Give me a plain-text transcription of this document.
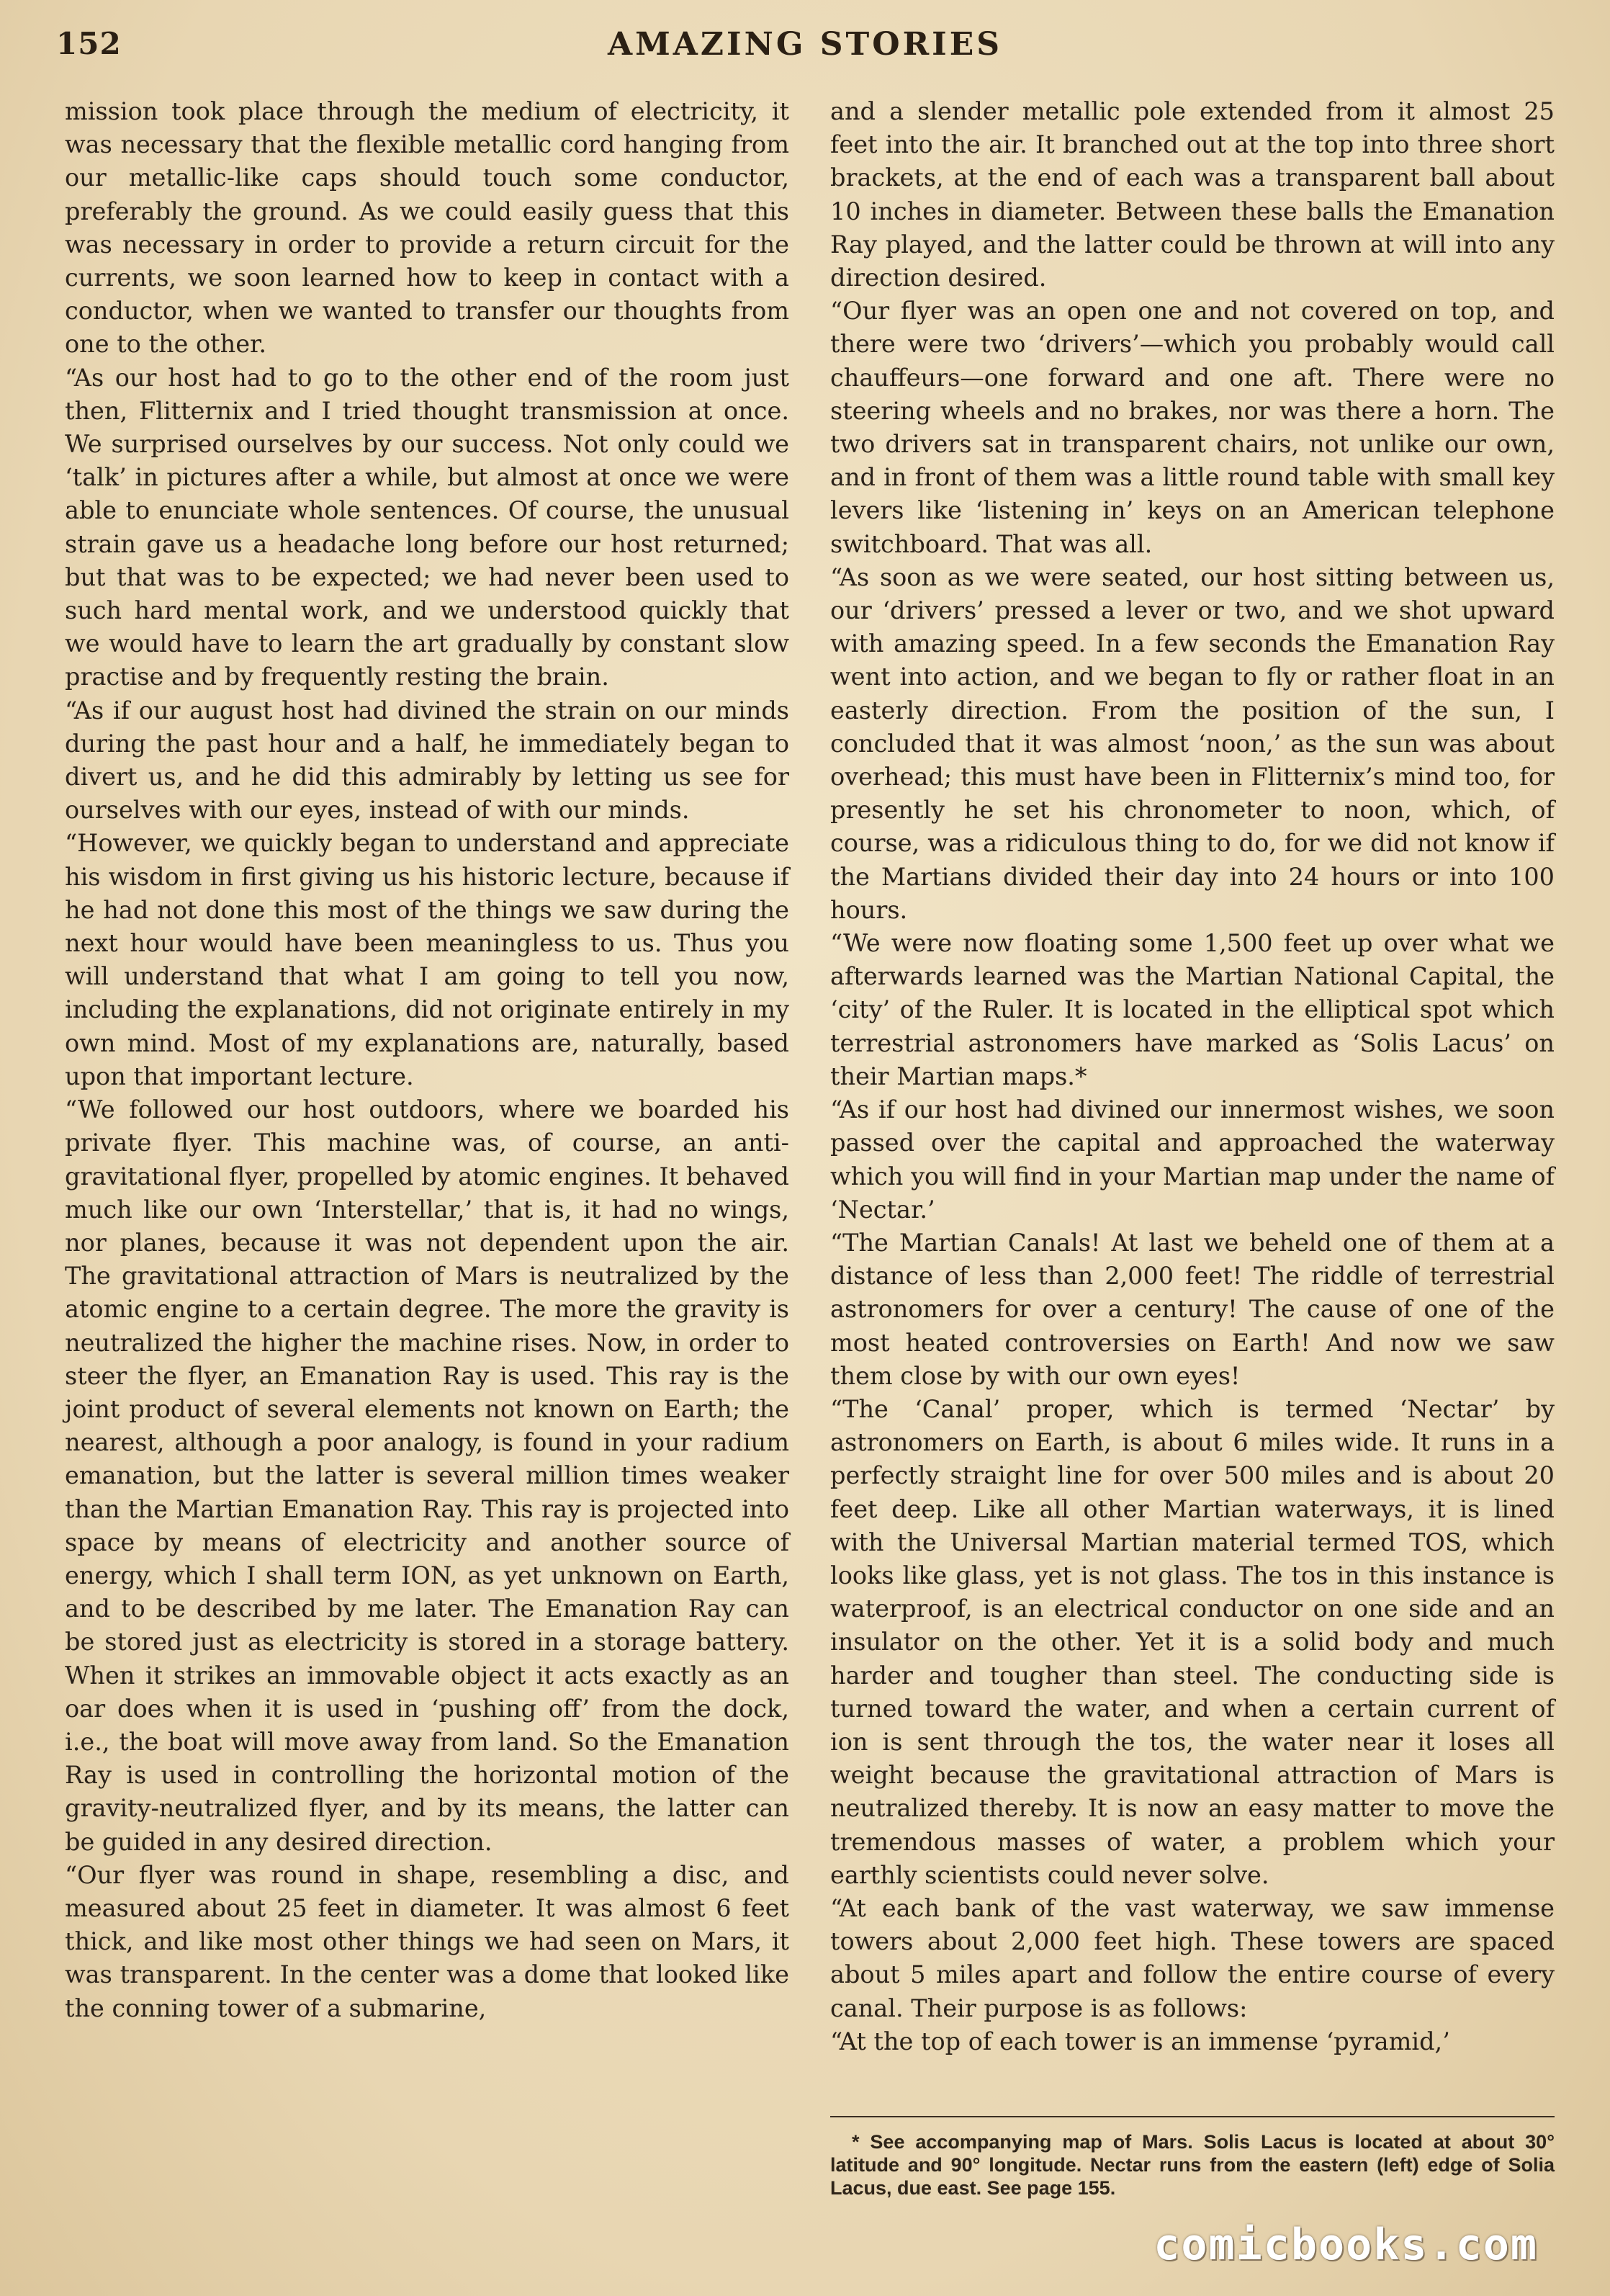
152	AMAZING STORIES

mission took place through the medium of electricity, it was necessary that the flexible metallic cord hanging from our metallic-like caps should touch some conductor, preferably the ground. As we could easily guess that this was necessary in order to provide a return circuit for the currents, we soon learned how to keep in contact with a conductor, when we wanted to transfer our thoughts from one to the other.

“As our host had to go to the other end of the room just then, Flitternix and I tried thought transmission at once. We surprised ourselves by our success. Not only could we ‘talk’ in pictures after a while, but almost at once we were able to enunciate whole sentences. Of course, the unusual strain gave us a headache long before our host returned; but that was to be expected; we had never been used to such hard mental work, and we understood quickly that we would have to learn the art gradually by constant slow practise and by frequently resting the brain.

“As if our august host had divined the strain on our minds during the past hour and a half, he immediately began to divert us, and he did this admirably by letting us see for ourselves with our eyes, instead of with our minds.

“However, we quickly began to understand and appreciate his wisdom in first giving us his historic lecture, because if he had not done this most of the things we saw during the next hour would have been meaningless to us. Thus you will understand that what I am going to tell you now, including the explanations, did not originate entirely in my own mind. Most of my explanations are, naturally, based upon that important lecture.

“We followed our host outdoors, where we boarded his private flyer. This machine was, of course, an anti-gravitational flyer, propelled by atomic engines. It behaved much like our own ‘Interstellar,’ that is, it had no wings, nor planes, because it was not dependent upon the air. The gravitational attraction of Mars is neutralized by the atomic engine to a certain degree. The more the gravity is neutralized the higher the machine rises. Now, in order to steer the flyer, an Emanation Ray is used. This ray is the joint product of several elements not known on Earth; the nearest, although a poor analogy, is found in your radium emanation, but the latter is several million times weaker than the Martian Emanation Ray. This ray is projected into space by means of electricity and another source of energy, which I shall term ION, as yet unknown on Earth, and to be described by me later. The Emanation Ray can be stored just as electricity is stored in a storage battery. When it strikes an immovable object it acts exactly as an oar does when it is used in ‘pushing off’ from the dock, i.e., the boat will move away from land. So the Emanation Ray is used in controlling the horizontal motion of the gravity-neutralized flyer, and by its means, the latter can be guided in any desired direction.

“Our flyer was round in shape, resembling a disc, and measured about 25 feet in diameter. It was almost 6 feet thick, and like most other things we had seen on Mars, it was transparent. In the center was a dome that looked like the conning tower of a submarine,

and a slender metallic pole extended from it almost 25 feet into the air. It branched out at the top into three short brackets, at the end of each was a transparent ball about 10 inches in diameter. Between these balls the Emanation Ray played, and the latter could be thrown at will into any direction desired.

“Our flyer was an open one and not covered on top, and there were two ‘drivers’—which you probably would call chauffeurs—one forward and one aft. There were no steering wheels and no brakes, nor was there a horn. The two drivers sat in transparent chairs, not unlike our own, and in front of them was a little round table with small key levers like ‘listening in’ keys on an American telephone switchboard. That was all.

“As soon as we were seated, our host sitting between us, our ‘drivers’ pressed a lever or two, and we shot upward with amazing speed. In a few seconds the Emanation Ray went into action, and we began to fly or rather float in an easterly direction. From the position of the sun, I concluded that it was almost ‘noon,’ as the sun was about overhead; this must have been in Flitternix’s mind too, for presently he set his chronometer to noon, which, of course, was a ridiculous thing to do, for we did not know if the Martians divided their day into 24 hours or into 100 hours.

“We were now floating some 1,500 feet up over what we afterwards learned was the Martian National Capital, the ‘city’ of the Ruler. It is located in the elliptical spot which terrestrial astronomers have marked as ‘Solis Lacus’ on their Martian maps.*

“As if our host had divined our innermost wishes, we soon passed over the capital and approached the waterway which you will find in your Martian map under the name of ‘Nectar.’

“The Martian Canals! At last we beheld one of them at a distance of less than 2,000 feet! The riddle of terrestrial astronomers for over a century! The cause of one of the most heated controversies on Earth! And now we saw them close by with our own eyes!

“The ‘Canal’ proper, which is termed ‘Nectar’ by astronomers on Earth, is about 6 miles wide. It runs in a perfectly straight line for over 500 miles and is about 20 feet deep. Like all other Martian waterways, it is lined with the Universal Martian material termed TOS, which looks like glass, yet is not glass. The tos in this instance is waterproof, is an electrical conductor on one side and an insulator on the other. Yet it is a solid body and much harder and tougher than steel. The conducting side is turned toward the water, and when a certain current of ion is sent through the tos, the water near it loses all weight because the gravitational attraction of Mars is neutralized thereby. It is now an easy matter to move the tremendous masses of water, a problem which your earthly scientists could never solve.

“At each bank of the vast waterway, we saw immense towers about 2,000 feet high. These towers are spaced about 5 miles apart and follow the entire course of every canal. Their purpose is as follows:

“At the top of each tower is an immense ‘pyramid,’

* See accompanying map of Mars. Solis Lacus is located at about 30° latitude and 90° longitude. Nectar runs from the eastern (left) edge of Solia Lacus, due east. See page 155.
comicbooks.com
